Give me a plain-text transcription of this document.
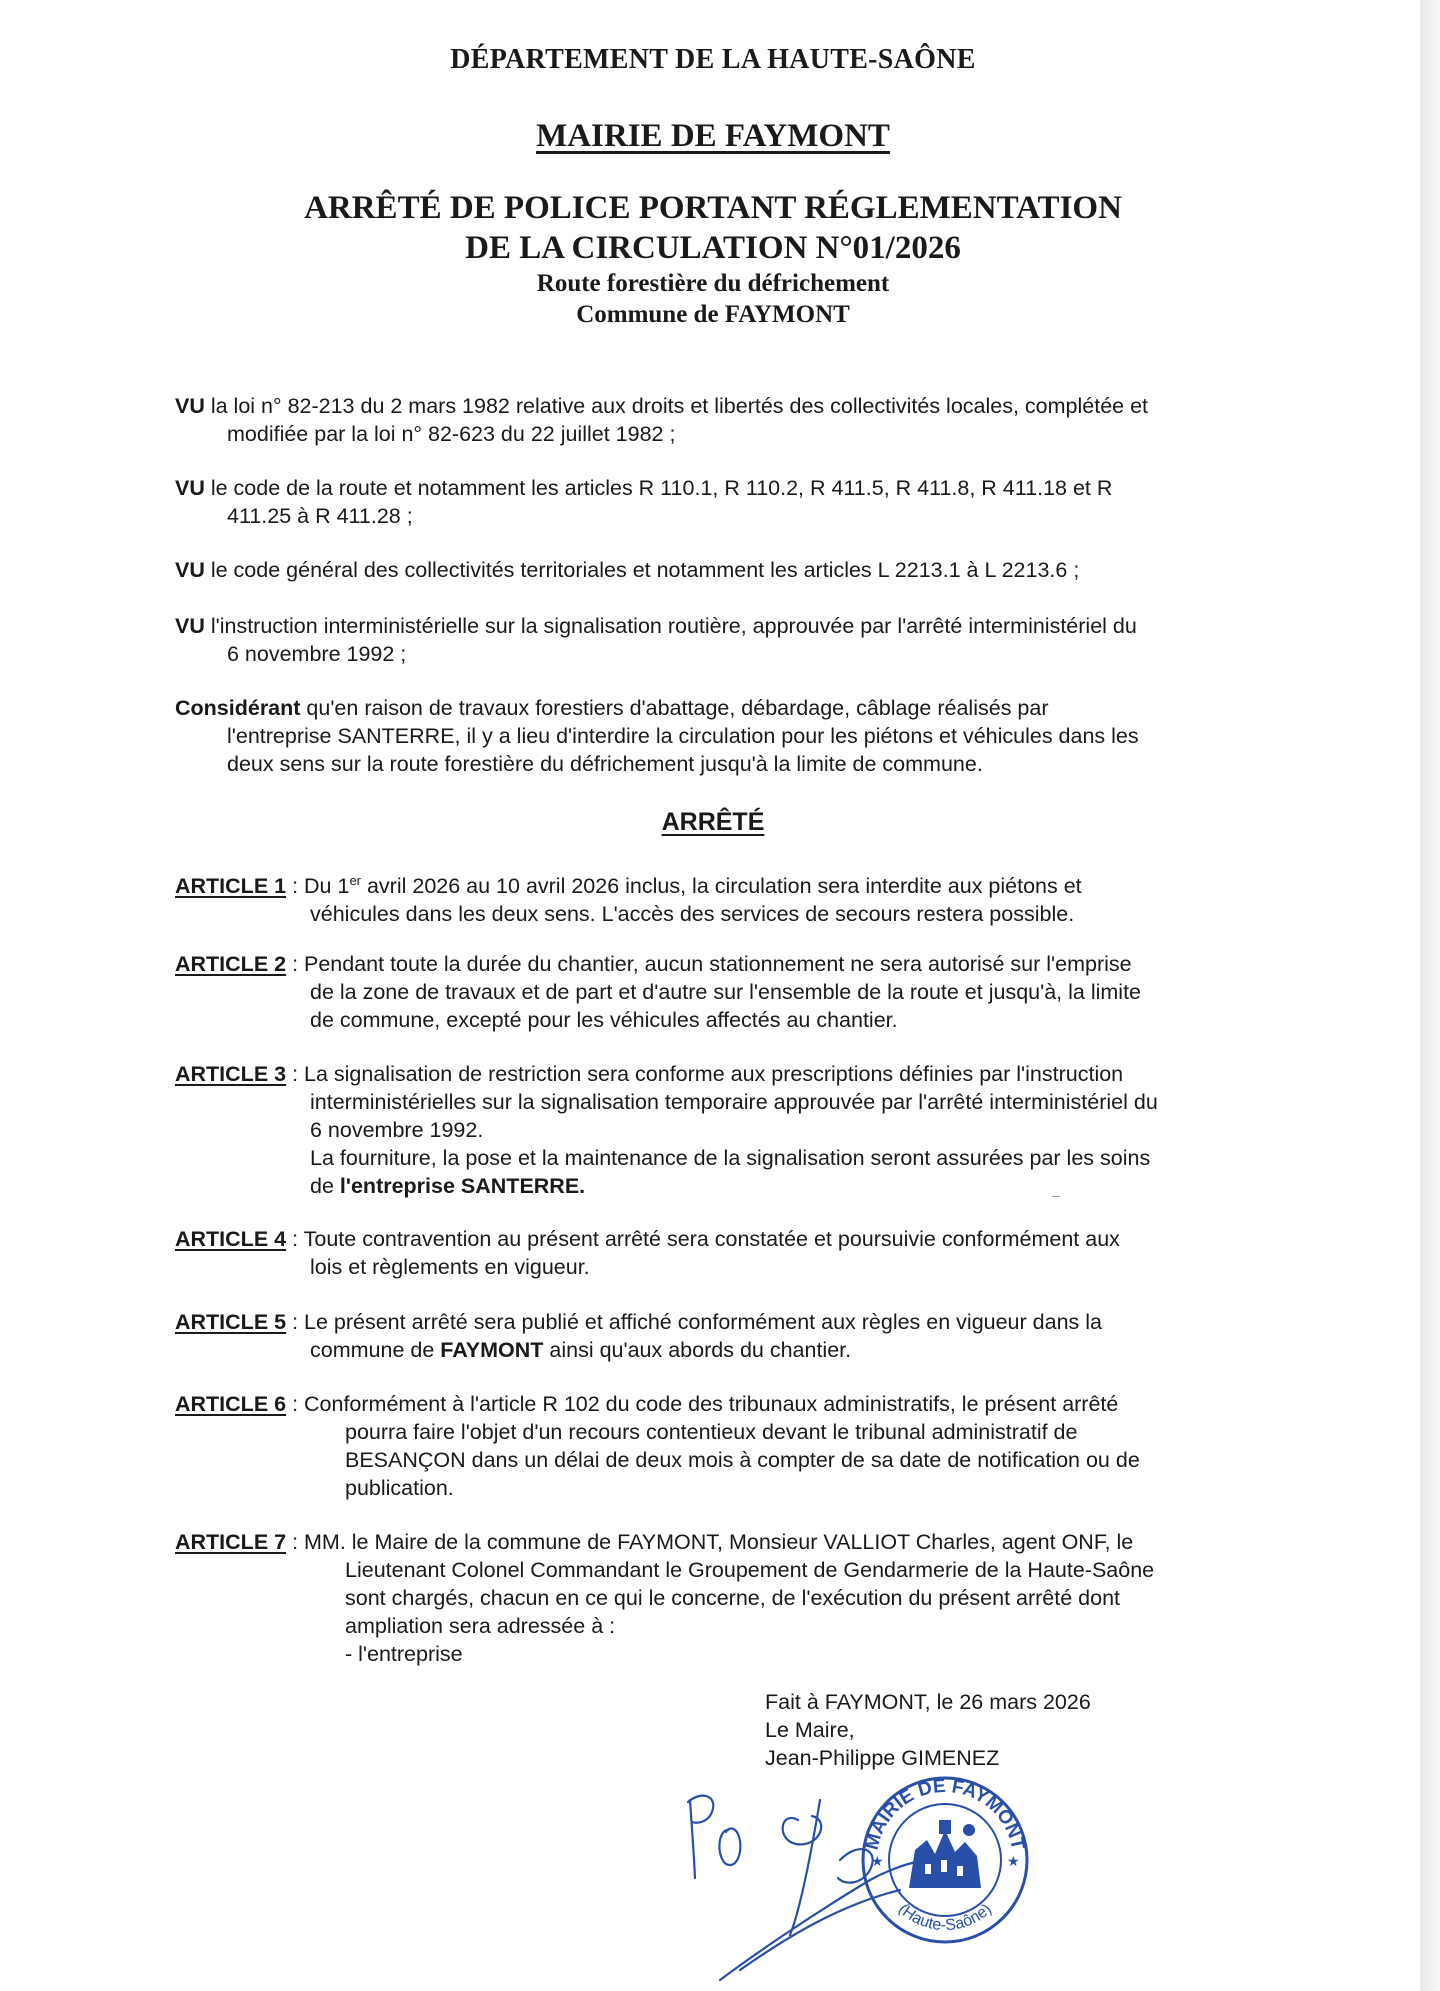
DÉPARTEMENT DE LA HAUTE-SAÔNE
MAIRIE DE FAYMONT
ARRÊTÉ DE POLICE PORTANT RÉGLEMENTATION
DE LA CIRCULATION N°01/2026
Route forestière du défrichement
Commune de FAYMONT
VU la loi n° 82-213 du 2 mars 1982 relative aux droits et libertés des collectivités locales, complétée et
modifiée par la loi n° 82-623 du 22 juillet 1982 ;
VU le code de la route et notamment les articles R 110.1, R 110.2, R 411.5, R 411.8, R 411.18 et R
411.25 à R 411.28 ;
VU le code général des collectivités territoriales et notamment les articles L 2213.1 à L 2213.6 ;
VU l'instruction interministérielle sur la signalisation routière, approuvée par l'arrêté interministériel du
6 novembre 1992 ;
Considérant qu'en raison de travaux forestiers d'abattage, débardage, câblage réalisés par
l'entreprise SANTERRE, il y a lieu d'interdire la circulation pour les piétons et véhicules dans les
deux sens sur la route forestière du défrichement jusqu'à la limite de commune.
ARRÊTÉ
ARTICLE 1 : Du 1er avril 2026 au 10 avril 2026 inclus, la circulation sera interdite aux piétons et
véhicules dans les deux sens. L'accès des services de secours restera possible.
ARTICLE 2 : Pendant toute la durée du chantier, aucun stationnement ne sera autorisé sur l'emprise
de la zone de travaux et de part et d'autre sur l'ensemble de la route et jusqu'à, la limite
de commune, excepté pour les véhicules affectés au chantier.
ARTICLE 3 : La signalisation de restriction sera conforme aux prescriptions définies par l'instruction
interministérielles sur la signalisation temporaire approuvée par l'arrêté interministériel du
6 novembre 1992.
La fourniture, la pose et la maintenance de la signalisation seront assurées par les soins
de l'entreprise SANTERRE.
ARTICLE 4 : Toute contravention au présent arrêté sera constatée et poursuivie conformément aux
lois et règlements en vigueur.
ARTICLE 5 : Le présent arrêté sera publié et affiché conformément aux règles en vigueur dans la
commune de FAYMONT ainsi qu'aux abords du chantier.
ARTICLE 6 : Conformément à l'article R 102 du code des tribunaux administratifs, le présent arrêté
pourra faire l'objet d'un recours contentieux devant le tribunal administratif de
BESANÇON dans un délai de deux mois à compter de sa date de notification ou de
publication.
ARTICLE 7 : MM. le Maire de la commune de FAYMONT, Monsieur VALLIOT Charles, agent ONF, le
Lieutenant Colonel Commandant le Groupement de Gendarmerie de la Haute-Saône
sont chargés, chacun en ce qui le concerne, de l'exécution du présent arrêté dont
ampliation sera adressée à :
- l'entreprise
Fait à FAYMONT, le 26 mars 2026
Le Maire,
Jean-Philippe GIMENEZ
MAIRIE DE FAYMONT
(Haute-Saône)
★	★
